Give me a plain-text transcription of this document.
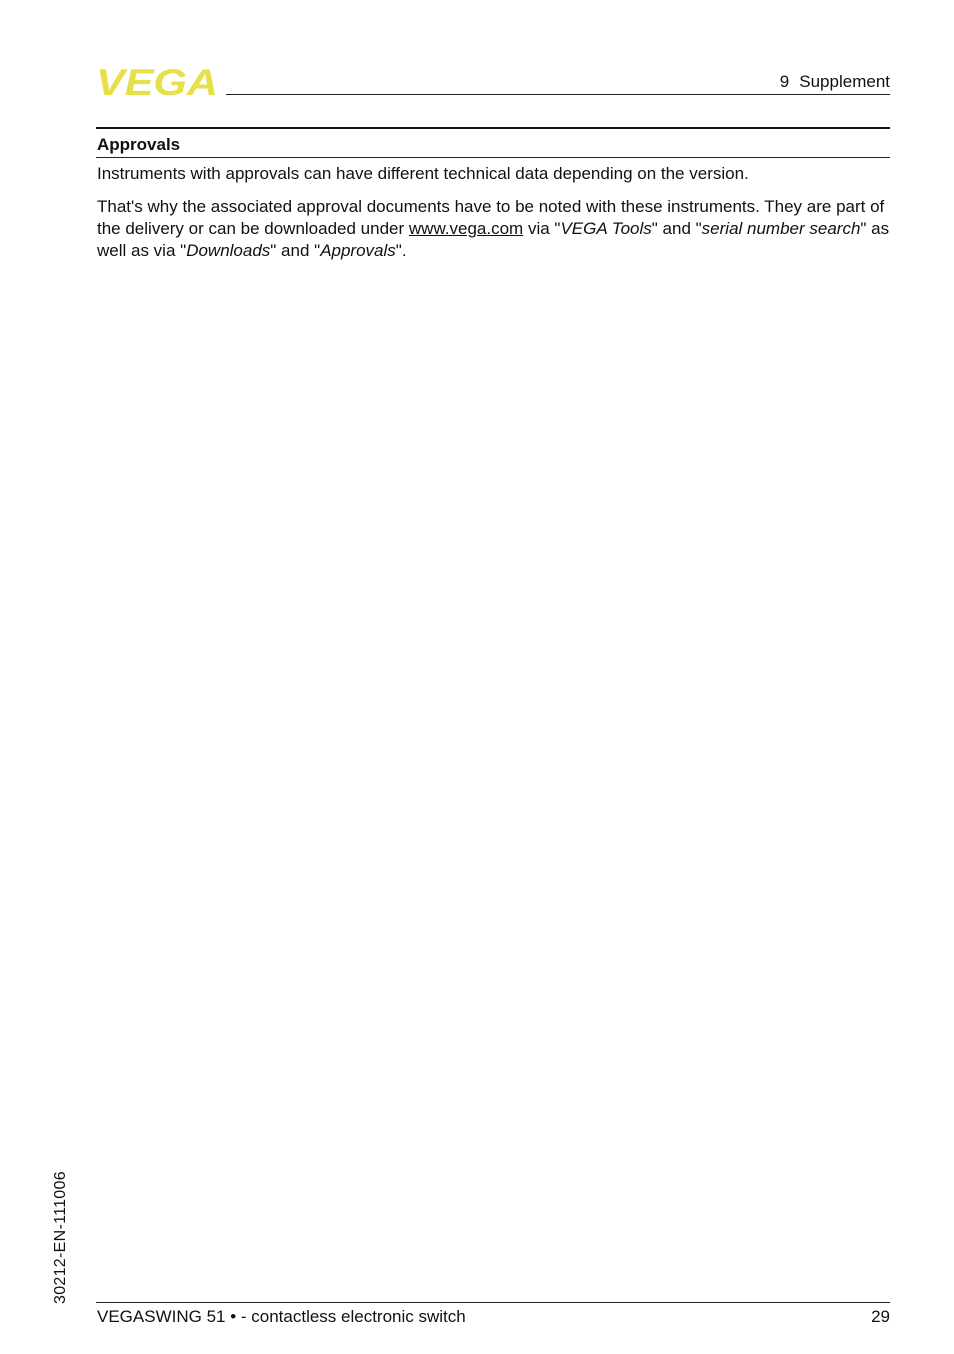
VEGA	9 Supplement
Approvals

Instruments with approvals can have different technical data depending on the version.

That's why the associated approval documents have to be noted with these instruments. They are part of the delivery or can be downloaded under www.vega.com via "VEGA Tools" and "serial number search" as well as via "Downloads" and "Approvals".

30212-EN-111006
VEGASWING 51 • - contactless electronic switch	29
